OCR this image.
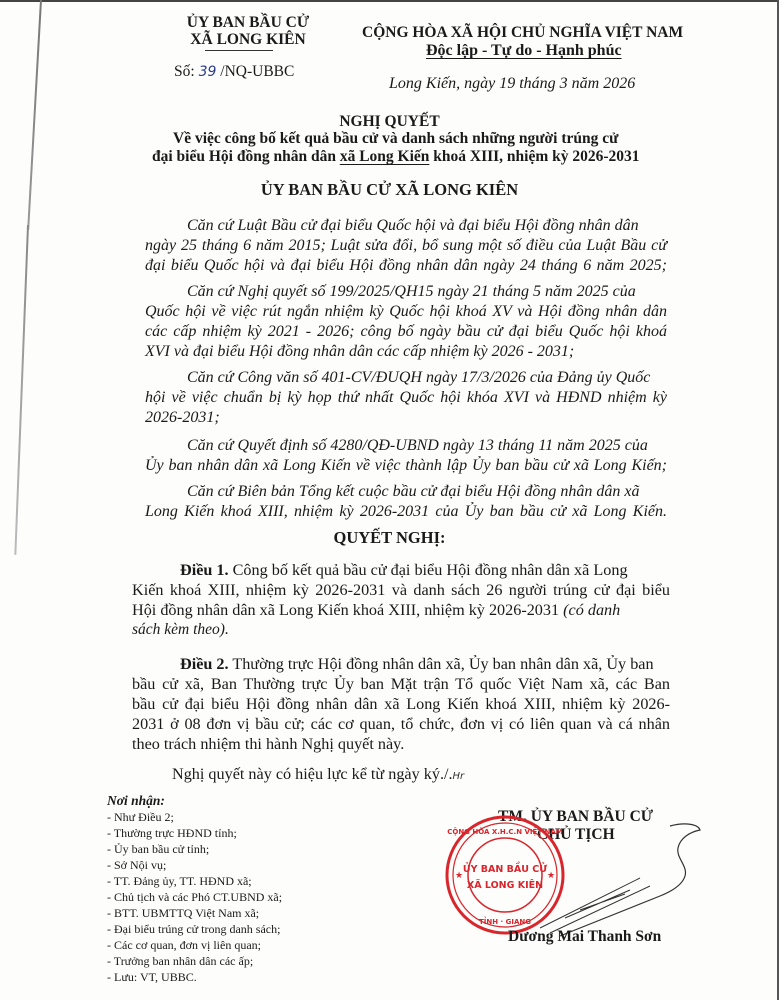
ỦY BAN BẦU CỬ
XÃ LONG KIÊN
Số: 39 /NQ-UBBC
CỘNG HÒA XÃ HỘI CHỦ NGHĨA VIỆT NAM
Độc lập - Tự do - Hạnh phúc
Long Kiến, ngày 19 tháng 3 năm 2026
NGHỊ QUYẾT
Về việc công bố kết quả bầu cử và danh sách những người trúng cử
đại biểu Hội đồng nhân dân xã Long Kiến khoá XIII, nhiệm kỳ 2026-2031
ỦY BAN BẦU CỬ XÃ LONG KIÊN
Căn cứ Luật Bầu cử đại biểu Quốc hội và đại biểu Hội đồng nhân dân
ngày 25 tháng 6 năm 2015; Luật sửa đổi, bổ sung một số điều của Luật Bầu cử
đại biểu Quốc hội và đại biểu Hội đồng nhân dân ngày 24 tháng 6 năm 2025;
Căn cứ Nghị quyết số 199/2025/QH15 ngày 21 tháng 5 năm 2025 của
Quốc hội về việc rút ngắn nhiệm kỳ Quốc hội khoá XV và Hội đồng nhân dân
các cấp nhiệm kỳ 2021 - 2026; công bố ngày bầu cử đại biểu Quốc hội khoá
XVI và đại biểu Hội đồng nhân dân các cấp nhiệm kỳ 2026 - 2031;
Căn cứ Công văn số 401-CV/ĐUQH ngày 17/3/2026 của Đảng ủy Quốc
hội về việc chuẩn bị kỳ họp thứ nhất Quốc hội khóa XVI và HĐND nhiệm kỳ
2026-2031;
Căn cứ Quyết định số 4280/QĐ-UBND ngày 13 tháng 11 năm 2025 của
Ủy ban nhân dân xã Long Kiến về việc thành lập Ủy ban bầu cử xã Long Kiến;
Căn cứ Biên bản Tổng kết cuộc bầu cử đại biểu Hội đồng nhân dân xã
Long Kiến khoá XIII, nhiệm kỳ 2026-2031 của Ủy ban bầu cử xã Long Kiến.
QUYẾT NGHỊ:
Điều 1. Công bố kết quả bầu cử đại biểu Hội đồng nhân dân xã Long
Kiến khoá XIII, nhiệm kỳ 2026-2031 và danh sách 26 người trúng cử đại biểu
Hội đồng nhân dân xã Long Kiến khoá XIII, nhiệm kỳ 2026-2031 (có danh
sách kèm theo).
Điều 2. Thường trực Hội đồng nhân dân xã, Ủy ban nhân dân xã, Ủy ban
bầu cử xã, Ban Thường trực Ủy ban Mặt trận Tổ quốc Việt Nam xã, các Ban
bầu cử đại biểu Hội đồng nhân dân xã Long Kiến khoá XIII, nhiệm kỳ 2026-
2031 ở 08 đơn vị bầu cử; các cơ quan, tổ chức, đơn vị có liên quan và cá nhân
theo trách nhiệm thi hành Nghị quyết này.
Nghị quyết này có hiệu lực kể từ ngày ký./.Hr
Nơi nhận:
- Như Điều 2;
- Thường trực HĐND tỉnh;
- Ủy ban bầu cử tỉnh;
- Sở Nội vụ;
- TT. Đảng ủy, TT. HĐND xã;
- Chủ tịch và các Phó CT.UBND xã;
- BTT. UBMTTQ Việt Nam xã;
- Đại biểu trúng cử trong danh sách;
- Các cơ quan, đơn vị liên quan;
- Trưởng ban nhân dân các ấp;
- Lưu: VT, UBBC.
TM. ỦY BAN BẦU CỬ
CHỦ TỊCH
CỘNG HÒA X.H.C.N VIỆT NAM
ỦY BAN BẦU CỬ
XÃ LONG KIÊN
TỈNH · GIANG
★	★
Dương Mai Thanh Sơn
